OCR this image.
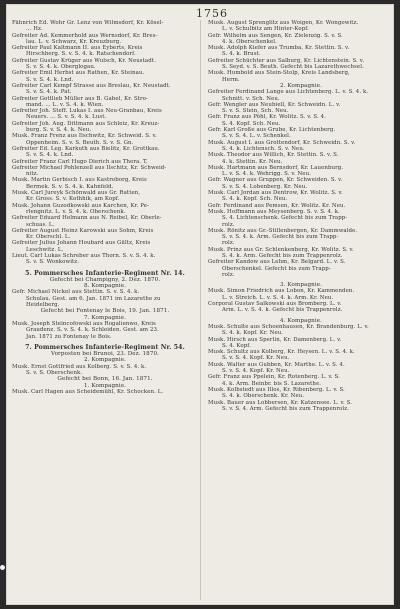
1756
Fähnrich Ed. Wohr Gr. Lenz von Wilmsdorf, Kr. Kösel-
... Hz.
Gefreiter Ad. Kemmerhold aus Wernsdorf, Kr. Bres-
lau. L. v. Schwarz, Kr. Kreuzburg.
Gefreiter Paul Kaltmann II. aus Eyberts, Kreis
Hirschberg. S. v. S. 4. k. Ratschendorf.
Gefreiter Gustav Krüger aus Wulsch, Kr. Neustadt.
S. v. S. 4. k. Oberglogau.
Gefreiter Emil Herbst aus Rathen, Kr. Steinau.
S. v. S. 4. k. Lnd.
Gefreiter Carl Kempf Strasse aus Breslau, Kr. Neustadt.
S. v. S. 4. k. Pat.
Gefreiter Gottlieb Müller aus B. Gabel, Kr. Stro-
mand. ... L. v. S. 4. k. Wien.
Gefreiter Joh. Steff. Lukas I. aus Neu-Granbau, Kreis
Neuers. ... S. v. S. 4. k. Lust.
Gefreiter Joh. Aug. Dittmann aus Schleiz, Kr. Kreuz-
burg. S. v. S. 4. k. Neu.
Musk. Franz Frenz aus Ilschwitz, Kr. Schweid. S. v.
Oppenheim. S. v. S. Beuth. S. v. S. Gn.
Gefreiter Ed. Leg. Karkuth aus Bielitz, Kr. Grottkau.
S. v. S. 4. k. Lnd.
Gefreiter Franz Carl Hugo Dierich aus Thera. T.
Gefreiter Michael Pohlenzell aus Ilschitz, Kr. Schweid-
nitz.
Musk. Martin Gerbisch I. aus Kastroborg, Kreis
Bermek. S. v. S. 4. k. Kahnfeld.
Musk. Carl Jureyk Schönwald aus Gr. Ratten,
Kr. Gross. S. v. Kothhik, am Kopf.
Musk. Johann Guzodkowski aus Karchen, Kr. Pe-
rlengnitz. L. v. S. 4. k. Oberschenk.
Gefreiter Eduard Helmann aus N. Reibel, Kr. Oberle-
schuas. L.
Gefreiter August Heinz Karowski aus Sohm, Kreis
Kr. Oberschl. L.
Gefreiter Julius Johann Houbard aus Gültz, Kreis
Leschwitz. L.
Lieut. Carl Lukas Schreber aus Thorn. S. v. S. 4. k.
S. v. S. Wonkowitz.
5. Pommersches Infanterie-Regiment Nr. 14.
Gefecht bei Champigny, 2. Dez. 1870.
8. Kompagnie.
Gefr. Michael Nickel aus Stettin. S. v. S. 4. k.
Schulau. Gest. am 6. Jan. 1871 im Lazarethe zu
Heidelberg.
Gefecht bei Fontenay le Bois, 19. Jan. 1871.
7. Kompagnie.
Musk. Joseph Steincofowski aus Rogalienwo, Kreis
Graudenz. S. v. S. 4. k. Schleiden. Gest. am 23.
Jan. 1871 zu Fontenay le Bois.
7. Pommersches Infanterie-Regiment Nr. 54.
Vorposten bei Brunoi, 23. Dez. 1870.
2. Kompagnie.
Musk. Ernst Gottfried aus Kolberg. S. v. S. 4. k.
S. v. S. Oberschenk.
Gefecht bei Bonn, 16. Jan. 1871.
1. Kompagnie.
Musk. Carl Hagen aus Scheidemühl, Kr. Schocken. L.
Musk. August Sprenglitz aus Woigen, Kr. Wongowitz.
L. v. Schulbitz am Hinter-Kopf.
Gefr. Wilhelm aus Sengen, Kr. Zielenzig. S. v. S.
4. k. Oberschenkel.
Musk. Adolph Kiefer aus Trumba, Kr. Stettin. S. v.
S. 4. k. Brust.
Gefreiter Schüchter aus Salburg, Kr. Lichtenstein. S. v.
S. Seyd. v. S. Beuth. Gefecht bis Lazarethwechsel.
Musk. Humbold aus Stein-Stolp, Kreis Landsberg,
Herm.
2. Kompagnie.
Gefreiter Ferdinand Lange aus Lichtenberg. L. v. S. 4. k.
Schnitt. v. Sch. Neu.
Gefr. Wengler aus Neubiell, Kr. Schweidn. L. v.
S. v. S. Stein, Sch. Neu.
Gefr. Franz aus Pöhl, Kr. Wolitz. S. v. S. 4.
S. 4. Kopf. Sch. Neu.
Gefr. Karl Große aus Grube, Kr. Lichtenberg.
S. v. S. 4. L. v. Schenkel.
Musk. August I. aus Grottendorf, Kr. Schweidn. S. v.
S. 4. k. Lichtensch. S. v. Neu.
Musk. Theodor aus Willich, Kr. Stettin. S. v. S.
4. k. Stettin. Kr. Neu.
Musk. Hartmann aus Bernsdorf, Kr. Lauenburg.
L. v. S. 4. k. Wehrigg. S. v. Neu.
Gefr. Wagner aus Gruppen, Kr. Schweiden. S. v.
S. v. S. 4. Lobenberg. Kr. Neu.
Musk. Carl Jordan aus Dentrow, Kr. Wolitz. S. v.
S. 4. k. Kopf. Sch. Neu.
Gefr. Ferdinand aus Pemsen, Kr. Wolitz. Kr. Neu.
Musk. Hoffmann aus Meysenberg. S. v. S. 4. k.
S. 4. Lichtenschenk. Gefecht bis zum Trapp-
rolz.
Musk. Rönitz aus Gr.-Stillenbergen, Kr. Dammwalde.
S. v. S. 4. k. Arm. Gefecht bis zum Trapp-
rolz.
Musk. Prinz aus Gr. Schlenkenberg, Kr. Wolitz. S. v.
S. 4. k. Arm. Gefecht bis zum Trappenrolz.
Gefreiter Kandow aus Lehm, Kr. Belgard. L. v. S.
Oberschenkel. Gefecht bis zum Trapp-
rolz.
3. Kompagnie.
Musk. Simon Friedrich aus Lobon, Kr. Kammenden.
L. v. Streich. L. v. S. 4. k. Arm. Kr. Neu.
Corporal Gustav Salkowski aus Bromberg. L. v.
Arm. L. v. S. 4. k. Gefecht bis Trappenrolz.
4. Kompagnie.
Musk. Schulte aus Schoenhausen, Kr. Brandenburg. L. v.
S. 4. k. Kopf. Kr. Neu.
Musk. Hirsch aus Sperlin, Kr. Damenberg. L. v.
S. 4. Kopf.
Musk. Schultz aus Kolberg, Kr. Heysen. L. v. S. 4. k.
S. v. S. 4. Kopf. Kr. Neu.
Musk. Walter aus Gubben, Kr. Marthe. L. v. S. 4.
S. v. S. 4. Kopf. Kr. Neu.
Gefr. Franz aus Ppelein, Kr. Rotenberg. L. v. S.
4. k. Arm. Beinbr. bis S. Lazarethe.
Musk. Kolbstedt aus Illos, Kr. Ribenberg. L. v. S.
S. 4. k. Oberschenk. Kr. Neu.
Musk. Bauer aus Lobbersen, Kr. Katzensee. L. v. S.
S. v. S. 4. Arm. Gefecht bis zum Trappenrolz.
